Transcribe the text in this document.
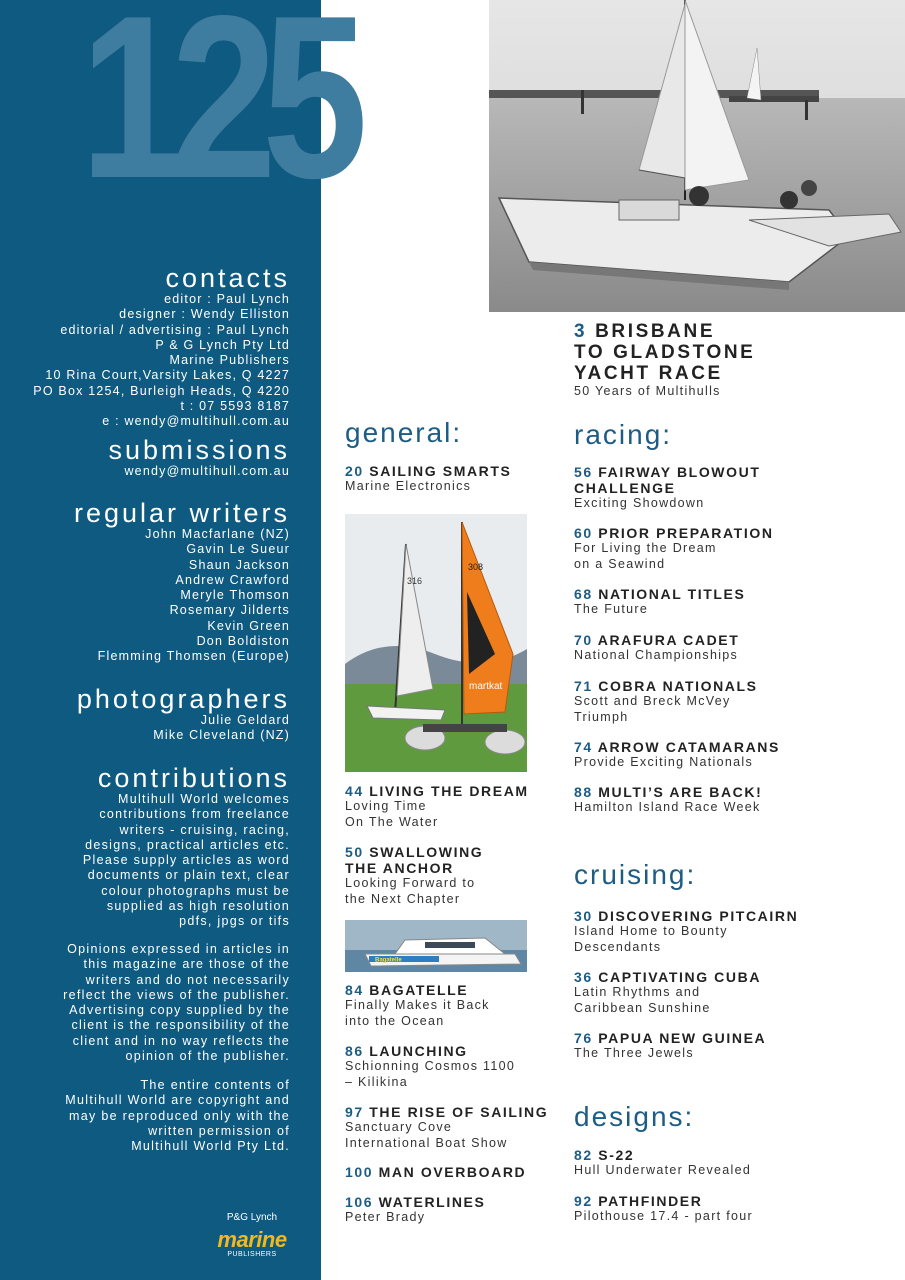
125
contacts

editor : Paul Lynch

designer : Wendy Elliston

editorial / advertising : Paul Lynch

P & G Lynch Pty Ltd

Marine Publishers

10 Rina Court,Varsity Lakes, Q 4227

PO Box 1254, Burleigh Heads, Q 4220

t : 07 5593 8187

e : wendy@multihull.com.au

submissions

wendy@multihull.com.au

regular writers

John Macfarlane (NZ)

Gavin Le Sueur

Shaun Jackson

Andrew Crawford

Meryle Thomson

Rosemary Jilderts

Kevin Green

Don Boldiston

Flemming Thomsen (Europe)

photographers

Julie Geldard

Mike Cleveland (NZ)

contributions

Multihull World welcomes

contributions from freelance

writers - cruising, racing,

designs, practical articles etc.

Please supply articles as word

documents or plain text, clear

colour photographs must be

supplied as high resolution

pdfs, jpgs or tifs

Opinions expressed in articles in

this magazine are those of the

writers and do not necessarily

reflect the views of the publisher.

Advertising copy supplied by the

client is the responsibility of the

client and in no way reflects the

opinion of the publisher.

The entire contents of

Multihull World are copyright and

may be reproduced only with the

written permission of

Multihull World Pty Ltd.

P&G Lynch
marine
PUBLISHERS
3 BRISBANE
TO GLADSTONE
YACHT RACE
50 Years of Multihulls
general:
20 SAILING SMARTS
Marine Electronics
316
308
martkat
44 LIVING THE DREAM
Loving Time
On The Water
50 SWALLOWING
THE ANCHOR
Looking Forward to
the Next Chapter
Bagatelle
84 BAGATELLE
Finally Makes it Back
into the Ocean
86 LAUNCHING
Schionning Cosmos 1100
– Kilikina
97 THE RISE OF SAILING
Sanctuary Cove
International Boat Show
100 MAN OVERBOARD
106 WATERLINES
Peter Brady
racing:
56 FAIRWAY BLOWOUT
CHALLENGE
Exciting Showdown
60 PRIOR PREPARATION
For Living the Dream
on a Seawind
68 NATIONAL TITLES
The Future
70 ARAFURA CADET
National Championships
71 COBRA NATIONALS
Scott and Breck McVey
Triumph
74 ARROW CATAMARANS
Provide Exciting Nationals
88 MULTI’S ARE BACK!
Hamilton Island Race Week
cruising:
30 DISCOVERING PITCAIRN
Island Home to Bounty
Descendants
36 CAPTIVATING CUBA
Latin Rhythms and
Caribbean Sunshine
76 PAPUA NEW GUINEA
The Three Jewels
designs:
82 S-22
Hull Underwater Revealed
92 PATHFINDER
Pilothouse 17.4 - part four
